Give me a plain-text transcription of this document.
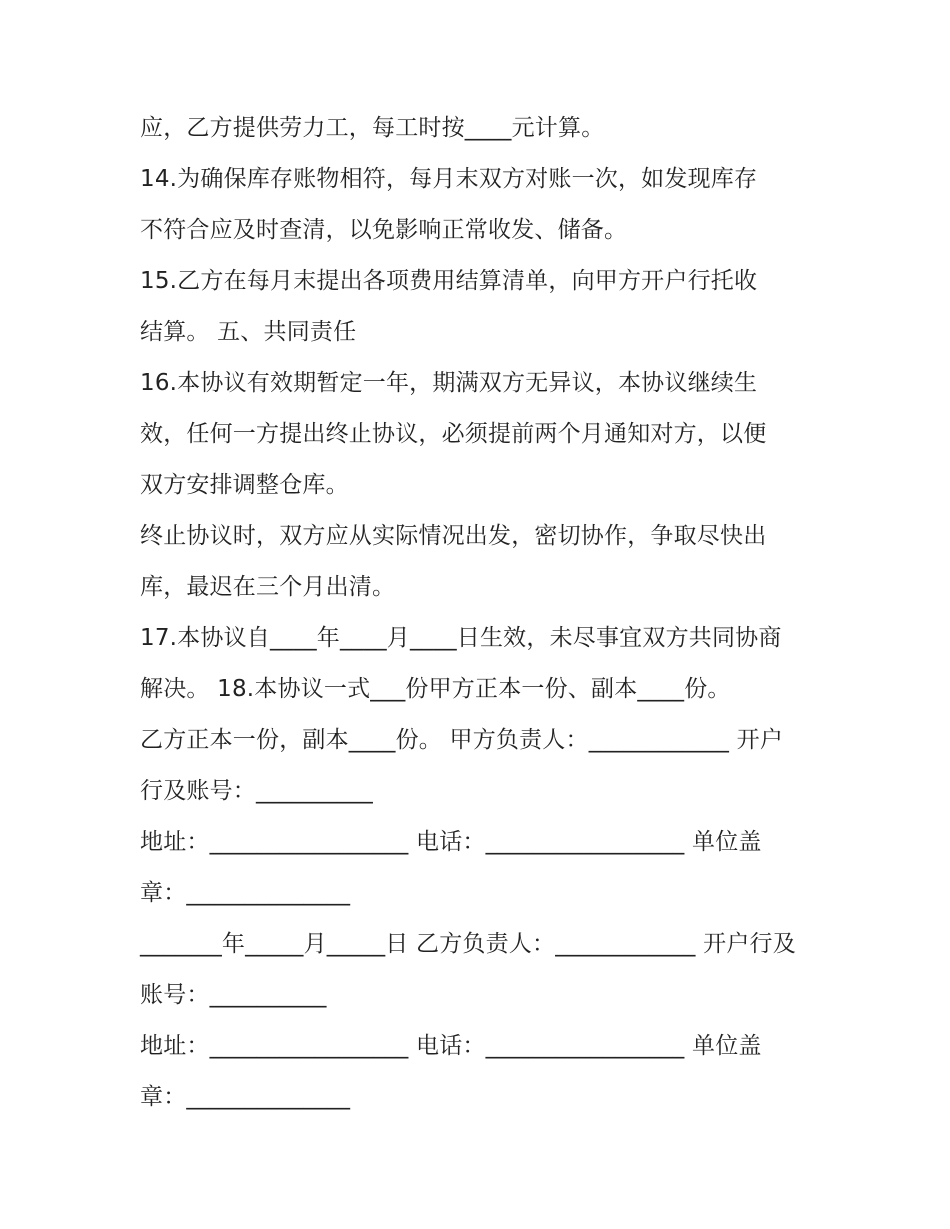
应，乙方提供劳力工，每工时按____元计算。
14.为确保库存账物相符，每月末双方对账一次，如发现库存
不符合应及时查清，以免影响正常收发、储备。
15.乙方在每月末提出各项费用结算清单，向甲方开户行托收
结算。 五、共同责任
16.本协议有效期暂定一年，期满双方无异议，本协议继续生
效，任何一方提出终止协议，必须提前两个月通知对方，以便
双方安排调整仓库。
终止协议时，双方应从实际情况出发，密切协作，争取尽快出
库，最迟在三个月出清。
17.本协议自____年____月____日生效，未尽事宜双方共同协商
解决。 18.本协议一式___份甲方正本一份、副本____份。
乙方正本一份，副本____份。 甲方负责人：____________ 开户
行及账号：__________
地址：_________________ 电话：_________________ 单位盖
章：______________
_______年_____月_____日 乙方负责人：____________ 开户行及
账号：__________
地址：_________________ 电话：_________________ 单位盖
章：______________
